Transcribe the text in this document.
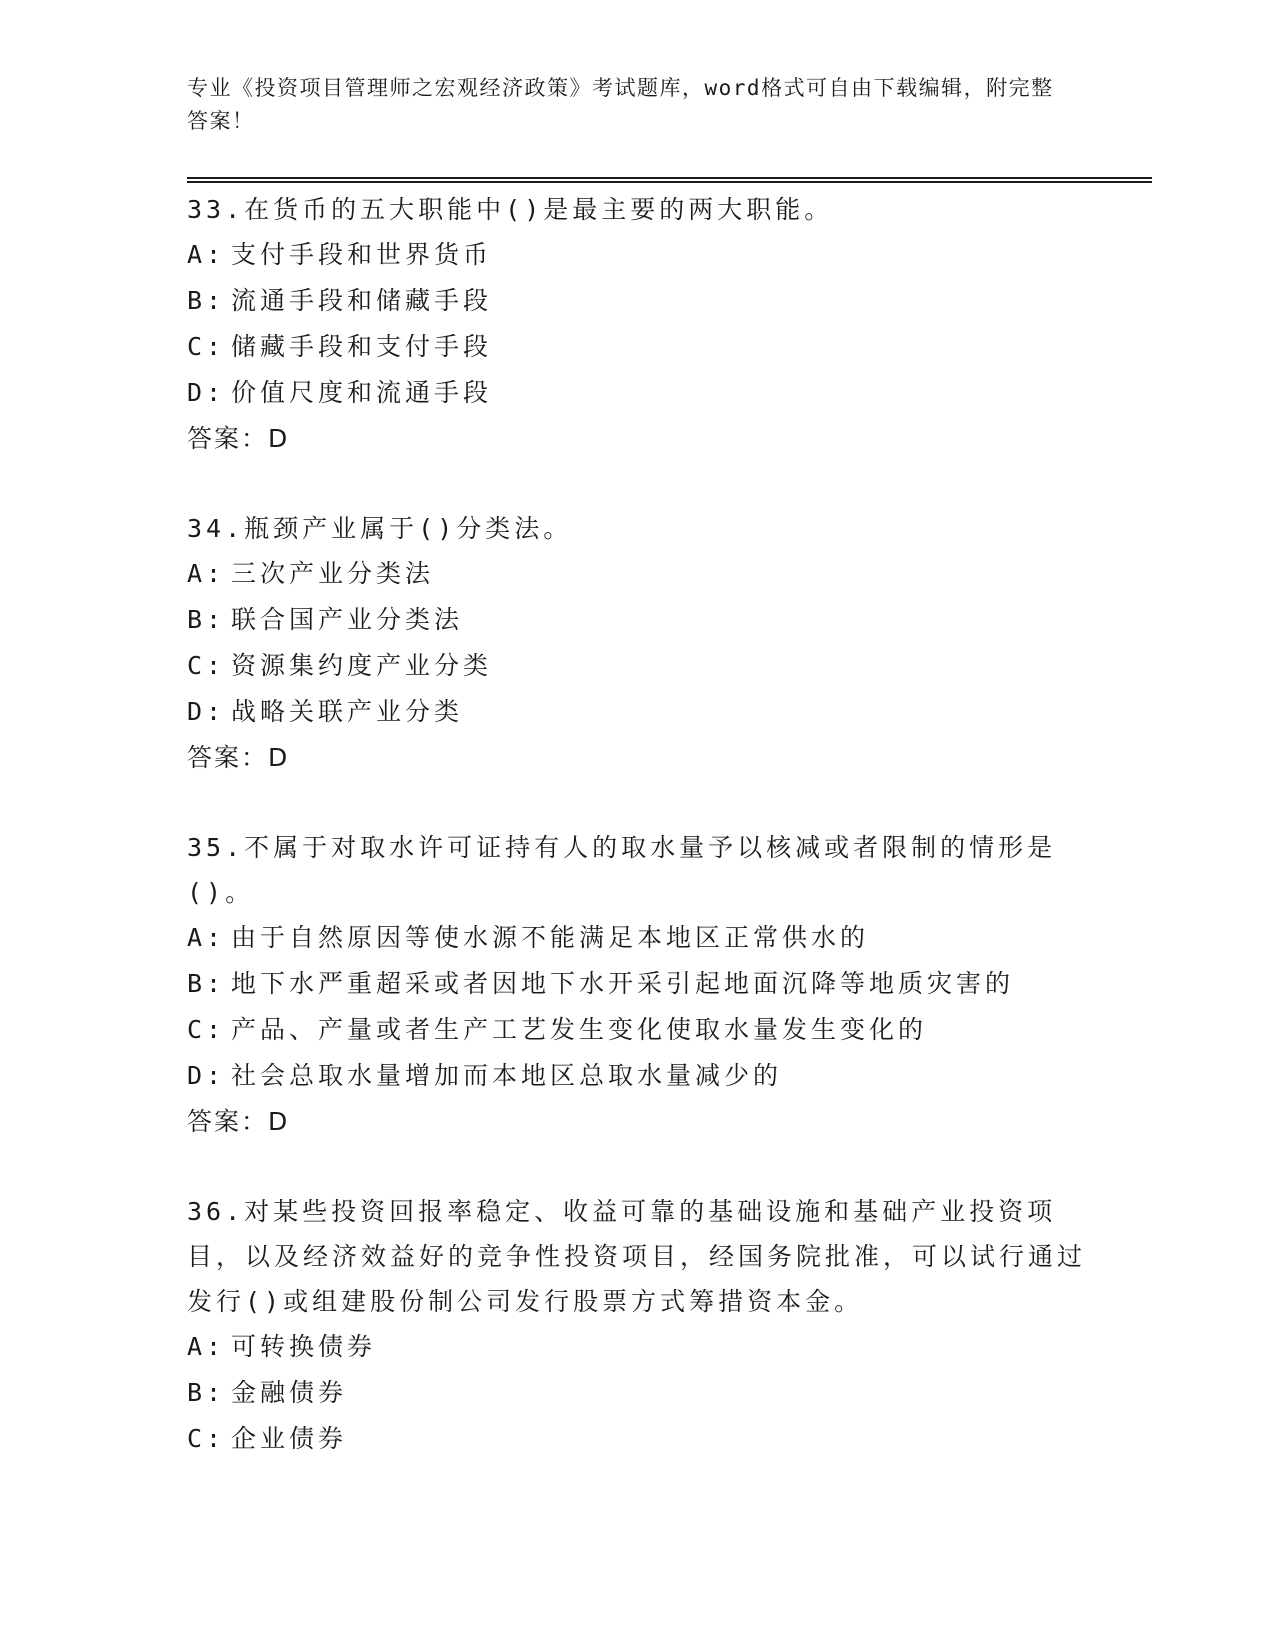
专业《投资项目管理师之宏观经济政策》考试题库，word格式可自由下载编辑，附完整答案！
33.在货币的五大职能中()是最主要的两大职能。
A: 支付手段和世界货币
B: 流通手段和储藏手段
C: 储藏手段和支付手段
D: 价值尺度和流通手段
答案：D
34.瓶颈产业属于()分类法。
A: 三次产业分类法
B: 联合国产业分类法
C: 资源集约度产业分类
D: 战略关联产业分类
答案：D
35.不属于对取水许可证持有人的取水量予以核减或者限制的情形是()。
A: 由于自然原因等使水源不能满足本地区正常供水的
B: 地下水严重超采或者因地下水开采引起地面沉降等地质灾害的
C: 产品、产量或者生产工艺发生变化使取水量发生变化的
D: 社会总取水量增加而本地区总取水量减少的
答案：D
36.对某些投资回报率稳定、收益可靠的基础设施和基础产业投资项目，以及经济效益好的竞争性投资项目，经国务院批准，可以试行通过发行()或组建股份制公司发行股票方式筹措资本金。
A: 可转换债券
B: 金融债券
C: 企业债券
